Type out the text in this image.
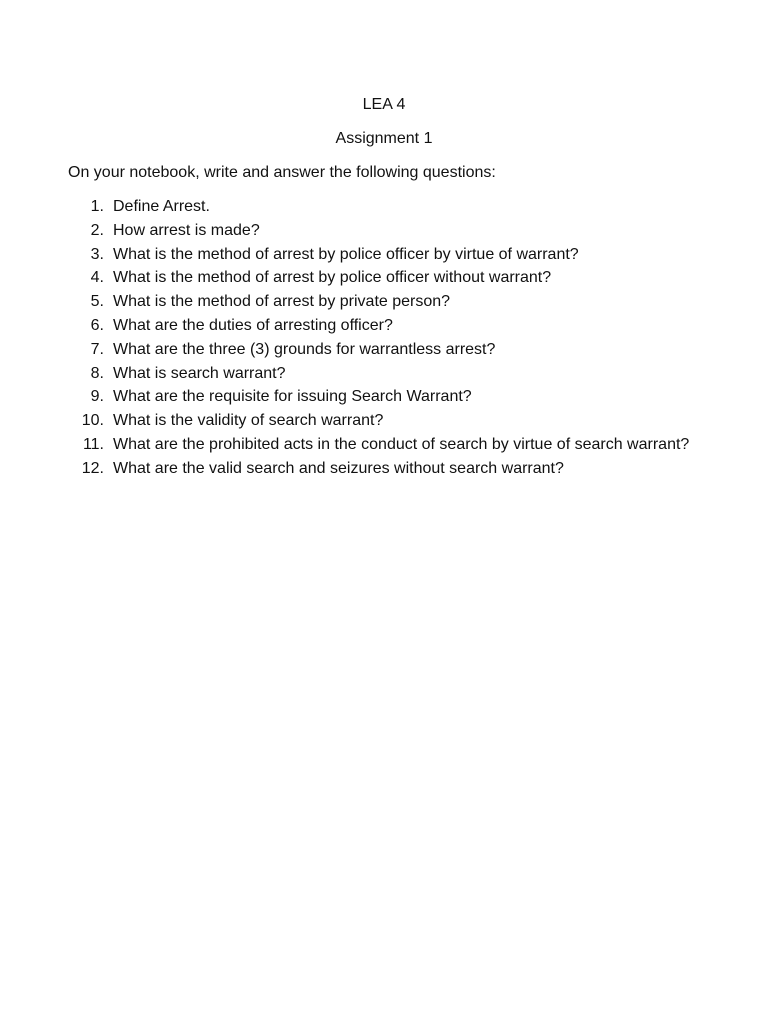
LEA 4
Assignment 1
On your notebook, write and answer the following questions:
1. Define Arrest.
2. How arrest is made?
3. What is the method of arrest by police officer by virtue of warrant?
4. What is the method of arrest by police officer without warrant?
5. What is the method of arrest by private person?
6. What are the duties of arresting officer?
7. What are the three (3) grounds for warrantless arrest?
8. What is search warrant?
9. What are the requisite for issuing Search Warrant?
10. What is the validity of search warrant?
11. What are the prohibited acts in the conduct of search by virtue of search warrant?
12. What are the valid search and seizures without search warrant?
